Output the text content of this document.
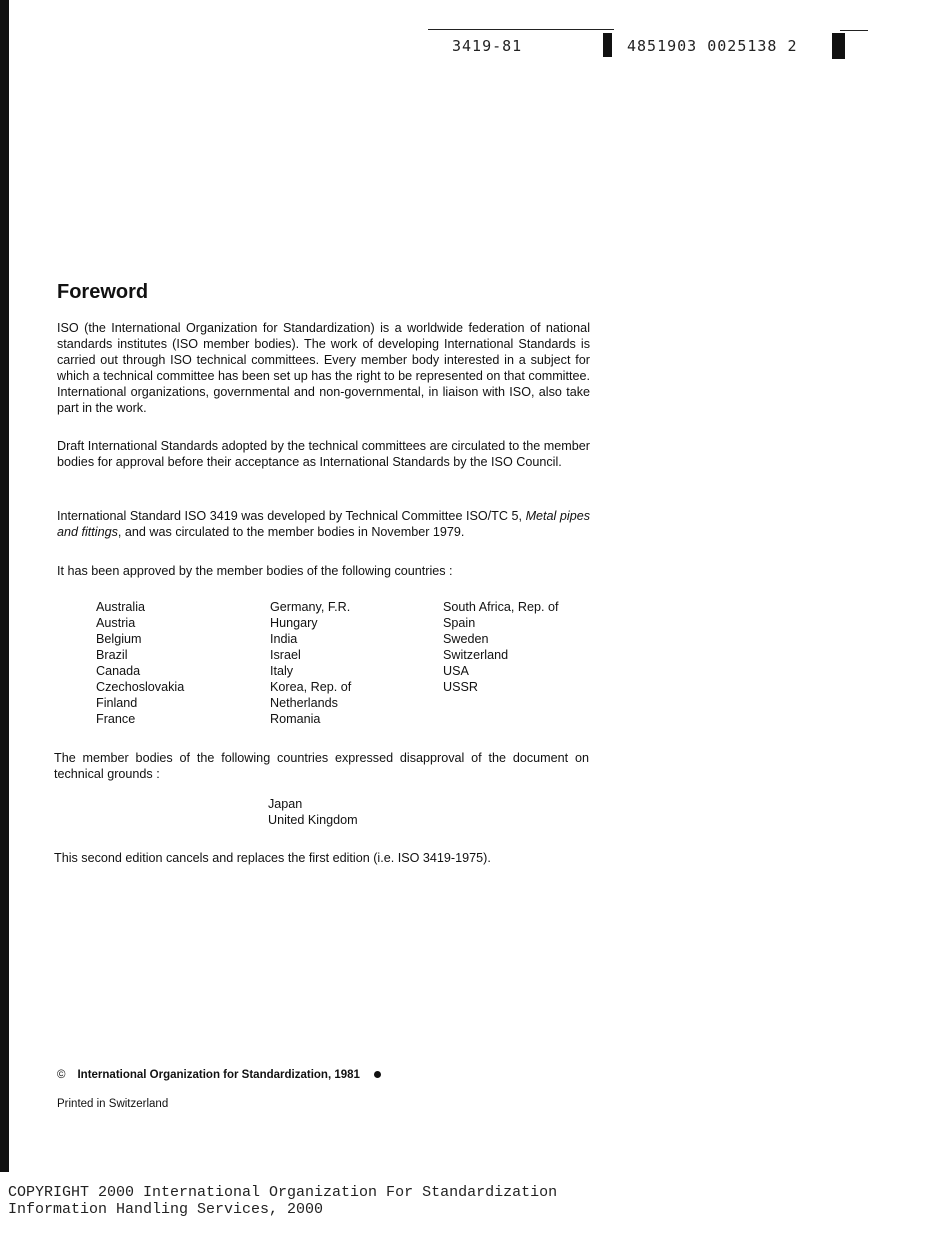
3419-81	4851903 0025138 2
Foreword

ISO (the International Organization for Standardization) is a worldwide federation of national standards institutes (ISO member bodies). The work of developing International Standards is carried out through ISO technical committees. Every member body interested in a subject for which a technical committee has been set up has the right to be represented on that committee. International organizations, governmental and non-governmental, in liaison with ISO, also take part in the work.

Draft International Standards adopted by the technical committees are circulated to the member bodies for approval before their acceptance as International Standards by the ISO Council.

International Standard ISO 3419 was developed by Technical Committee ISO/TC 5, Metal pipes and fittings, and was circulated to the member bodies in November 1979.

It has been approved by the member bodies of the following countries :

Australia
Austria
Belgium
Brazil
Canada
Czechoslovakia
Finland
France
Germany, F.R.
Hungary
India
Israel
Italy
Korea, Rep. of
Netherlands
Romania
South Africa, Rep. of
Spain
Sweden
Switzerland
USA
USSR

The member bodies of the following countries expressed disapproval of the document on technical grounds :

Japan
United Kingdom

This second edition cancels and replaces the first edition (i.e. ISO 3419-1975).

© International Organization for Standardization, 1981
Printed in Switzerland
COPYRIGHT 2000 International Organization For Standardization
Information Handling Services, 2000
